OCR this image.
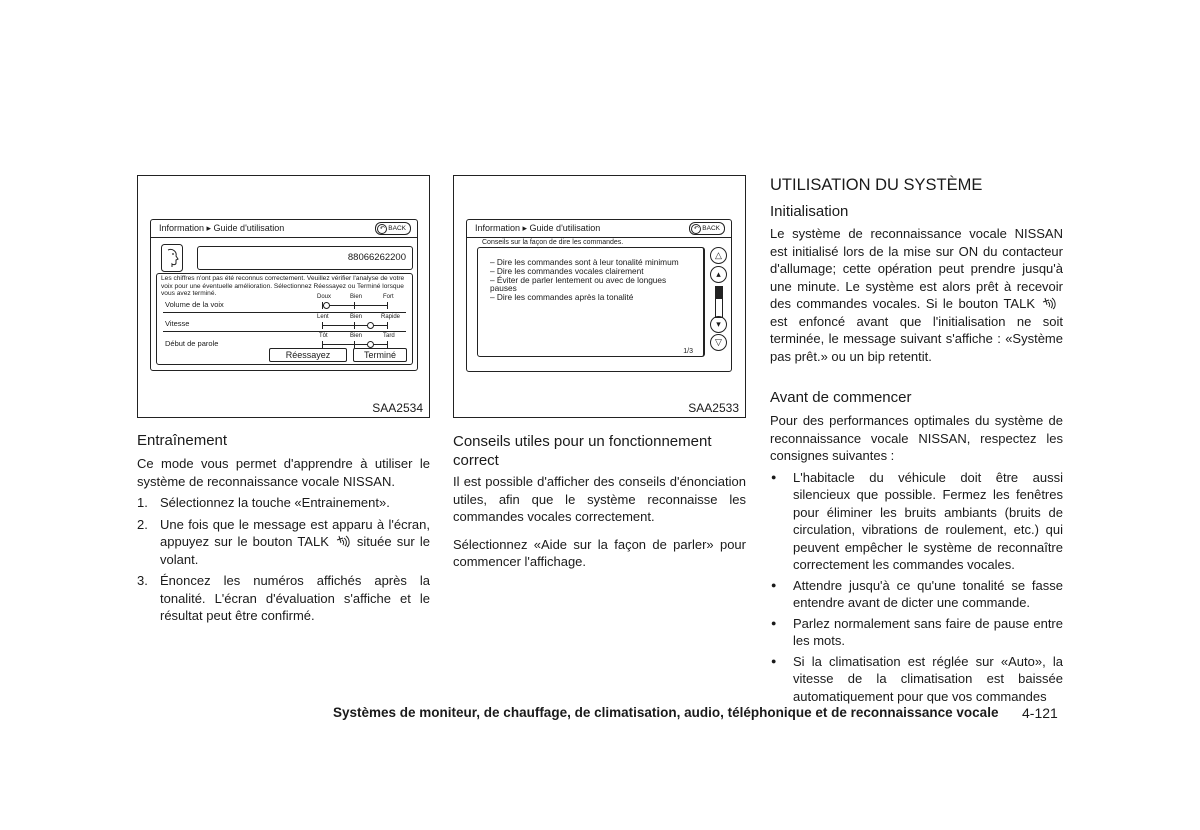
Information ▸ Guide d'utilisation	↶ BACK
88066262200
Les chiffres n'ont pas été reconnus correctement. Veuillez vérifier l'analyse de votre voix pour une éventuelle amélioration. Sélectionnez Réessayez ou Terminé lorsque vous avez terminé.
Volume de la voix
Doux	Bien	Fort
Vitesse
Lent	Bien	Rapide
Début de parole
Tôt	Bien	Tard
Réessayez	Terminé
SAA2534
Information ▸ Guide d'utilisation	↶ BACK
Conseils sur la façon de dire les commandes.
– Dire les commandes sont à leur tonalité minimum
– Dire les commandes vocales clairement
– Éviter de parler lentement ou avec de longues
pauses
– Dire les commandes après la tonalité
1/3
△
▴
▾
▽
SAA2533
Entraînement

Ce mode vous permet d'apprendre à utiliser le système de reconnaissance vocale NISSAN.

1. Sélectionnez la touche «Entrainement».
2. Une fois que le message est apparu à l'écran, appuyez sur le bouton TALK située sur le volant.
3. Énoncez les numéros affichés après la tonalité. L'écran d'évaluation s'affiche et le résultat peut être confirmé.
Conseils utiles pour un fonctionnement correct

Il est possible d'afficher des conseils d'énonciation utiles, afin que le système reconnaisse les commandes vocales correctement.

Sélectionnez «Aide sur la façon de parler» pour commencer l'affichage.

UTILISATION DU SYSTÈME
Initialisation

Le système de reconnaissance vocale NISSAN est initialisé lors de la mise sur ON du contacteur d'allumage; cette opération peut prendre jusqu'à une minute. Le système est alors prêt à recevoir des commandes vocales. Si le bouton TALKest enfoncé avant que l'initialisation ne soit terminée, le message suivant s'affiche : «Système pas prêt.» ou un bip retentit.

Avant de commencer

Pour des performances optimales du système de reconnaissance vocale NISSAN, respectez les consignes suivantes :

● L'habitacle du véhicule doit être aussi silencieux que possible. Fermez les fenêtres pour éliminer les bruits ambiants (bruits de circulation, vibrations de roulement, etc.) qui peuvent empêcher le système de reconnaître correctement les commandes vocales.
● Attendre jusqu'à ce qu'une tonalité se fasse entendre avant de dicter une commande.
● Parlez normalement sans faire de pause entre les mots.
● Si la climatisation est réglée sur «Auto», la vitesse de la climatisation est baissée automatiquement pour que vos commandes
Systèmes de moniteur, de chauffage, de climatisation, audio, téléphonique et de reconnaissance vocale 4-121
